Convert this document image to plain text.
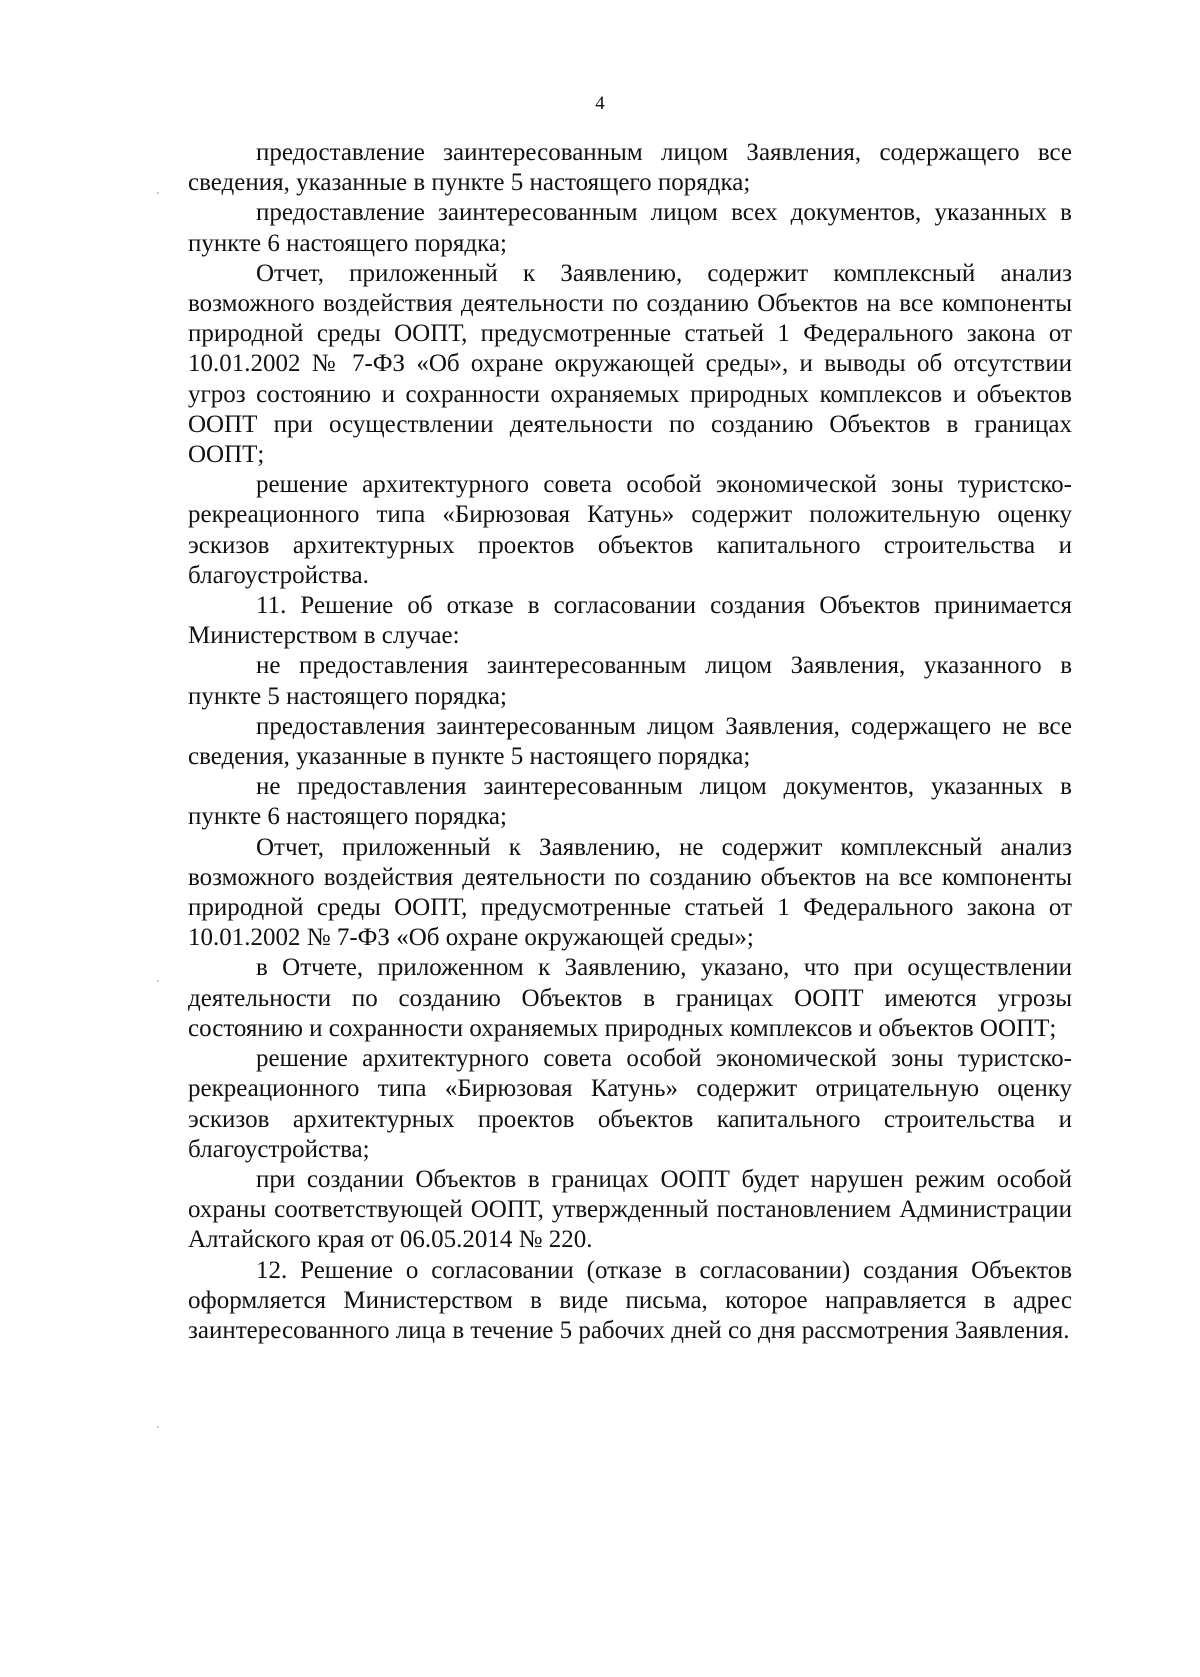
4

предоставление заинтересованным лицом Заявления, содержащего все сведения, указанные в пункте 5 настоящего порядка;

предоставление заинтересованным лицом всех документов, указанных в пункте 6 настоящего порядка;

Отчет, приложенный к Заявлению, содержит комплексный анализ возможного воздействия деятельности по созданию Объектов на все компоненты природной среды ООПТ, предусмотренные статьей 1 Федерального закона от 10.01.2002 № 7-ФЗ «Об охране окружающей среды», и выводы об отсутствии угроз состоянию и сохранности охраняемых природных комплексов и объектов ООПТ при осуществлении деятельности по созданию Объектов в границах ООПТ;

решение архитектурного совета особой экономической зоны туристско-рекреационного типа «Бирюзовая Катунь» содержит положительную оценку эскизов архитектурных проектов объектов капитального строительства и благоустройства.

11. Решение об отказе в согласовании создания Объектов принимается Министерством в случае:

не предоставления заинтересованным лицом Заявления, указанного в пункте 5 настоящего порядка;

предоставления заинтересованным лицом Заявления, содержащего не все сведения, указанные в пункте 5 настоящего порядка;

не предоставления заинтересованным лицом документов, указанных в пункте 6 настоящего порядка;

Отчет, приложенный к Заявлению, не содержит комплексный анализ возможного воздействия деятельности по созданию объектов на все компоненты природной среды ООПТ, предусмотренные статьей 1 Федерального закона от 10.01.2002 № 7-ФЗ «Об охране окружающей среды»;

в Отчете, приложенном к Заявлению, указано, что при осуществлении деятельности по созданию Объектов в границах ООПТ имеются угрозы состоянию и сохранности охраняемых природных комплексов и объектов ООПТ;

решение архитектурного совета особой экономической зоны туристско-рекреационного типа «Бирюзовая Катунь» содержит отрицательную оценку эскизов архитектурных проектов объектов капитального строительства и благоустройства;

при создании Объектов в границах ООПТ будет нарушен режим особой охраны соответствующей ООПТ, утвержденный постановлением Администрации Алтайского края от 06.05.2014 № 220.

12. Решение о согласовании (отказе в согласовании) создания Объектов оформляется Министерством в виде письма, которое направляется в адрес заинтересованного лица в течение 5 рабочих дней со дня рассмотрения Заявления.
